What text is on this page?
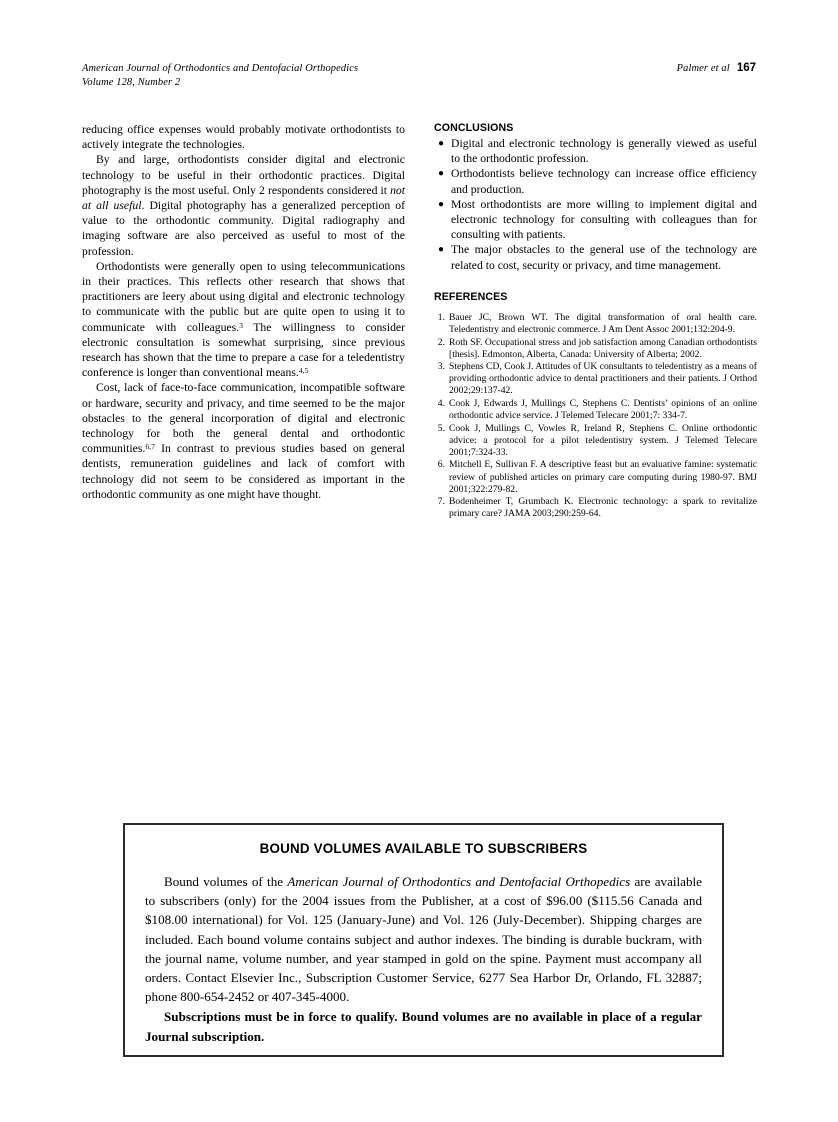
American Journal of Orthodontics and Dentofacial Orthopedics
Volume 128, Number 2
Palmer et al 167

reducing office expenses would probably motivate orthodontists to actively integrate the technologies.

By and large, orthodontists consider digital and electronic technology to be useful in their orthodontic practices. Digital photography is the most useful. Only 2 respondents considered it not at all useful. Digital photography has a generalized perception of value to the orthodontic community. Digital radiography and imaging software are also perceived as useful to most of the profession.

Orthodontists were generally open to using telecommunications in their practices. This reflects other research that shows that practitioners are leery about using digital and electronic technology to communicate with the public but are quite open to using it to communicate with colleagues.$^3$ The willingness to consider electronic consultation is somewhat surprising, since previous research has shown that the time to prepare a case for a teledentistry conference is longer than conventional means.$^{4,5}$

Cost, lack of face-to-face communication, incompatible software or hardware, security and privacy, and time seemed to be the major obstacles to the general incorporation of digital and electronic technology for both the general dental and orthodontic communities.$^{6,7}$ In contrast to previous studies based on general dentists, remuneration guidelines and lack of comfort with technology did not seem to be considered as important in the orthodontic community as one might have thought.

CONCLUSIONS
● Digital and electronic technology is generally viewed as useful to the orthodontic profession.
● Orthodontists believe technology can increase office efficiency and production.
● Most orthodontists are more willing to implement digital and electronic technology for consulting with colleagues than for consulting with patients.
● The major obstacles to the general use of the technology are related to cost, security or privacy, and time management.
REFERENCES
1. Bauer JC, Brown WT. The digital transformation of oral health care. Teledentistry and electronic commerce. J Am Dent Assoc 2001;132:204-9.
2. Roth SF. Occupational stress and job satisfaction among Canadian orthodontists [thesis]. Edmonton, Alberta, Canada: University of Alberta; 2002.
3. Stephens CD, Cook J. Attitudes of UK consultants to teledentistry as a means of providing orthodontic advice to dental practitioners and their patients. J Orthod 2002;29:137-42.
4. Cook J, Edwards J, Mullings C, Stephens C. Dentists’ opinions of an online orthodontic advice service. J Telemed Telecare 2001;7: 334-7.
5. Cook J, Mullings C, Vowles R, Ireland R, Stephens C. Online orthodontic advice: a protocol for a pilot teledentistry system. J Telemed Telecare 2001;7:324-33.
6. Mitchell E, Sullivan F. A descriptive feast but an evaluative famine: systematic review of published articles on primary care computing during 1980-97. BMJ 2001;322:279-82.
7. Bodenheimer T, Grumbach K. Electronic technology: a spark to revitalize primary care? JAMA 2003;290:259-64.
BOUND VOLUMES AVAILABLE TO SUBSCRIBERS

Bound volumes of the American Journal of Orthodontics and Dentofacial Orthopedics are available to subscribers (only) for the 2004 issues from the Publisher, at a cost of $96.00 ($115.56 Canada and $108.00 international) for Vol. 125 (January-June) and Vol. 126 (July-December). Shipping charges are included. Each bound volume contains subject and author indexes. The binding is durable buckram, with the journal name, volume number, and year stamped in gold on the spine. Payment must accompany all orders. Contact Elsevier Inc., Subscription Customer Service, 6277 Sea Harbor Dr, Orlando, FL 32887; phone 800-654-2452 or 407-345-4000.

Subscriptions must be in force to qualify. Bound volumes are no available in place of a regular Journal subscription.
